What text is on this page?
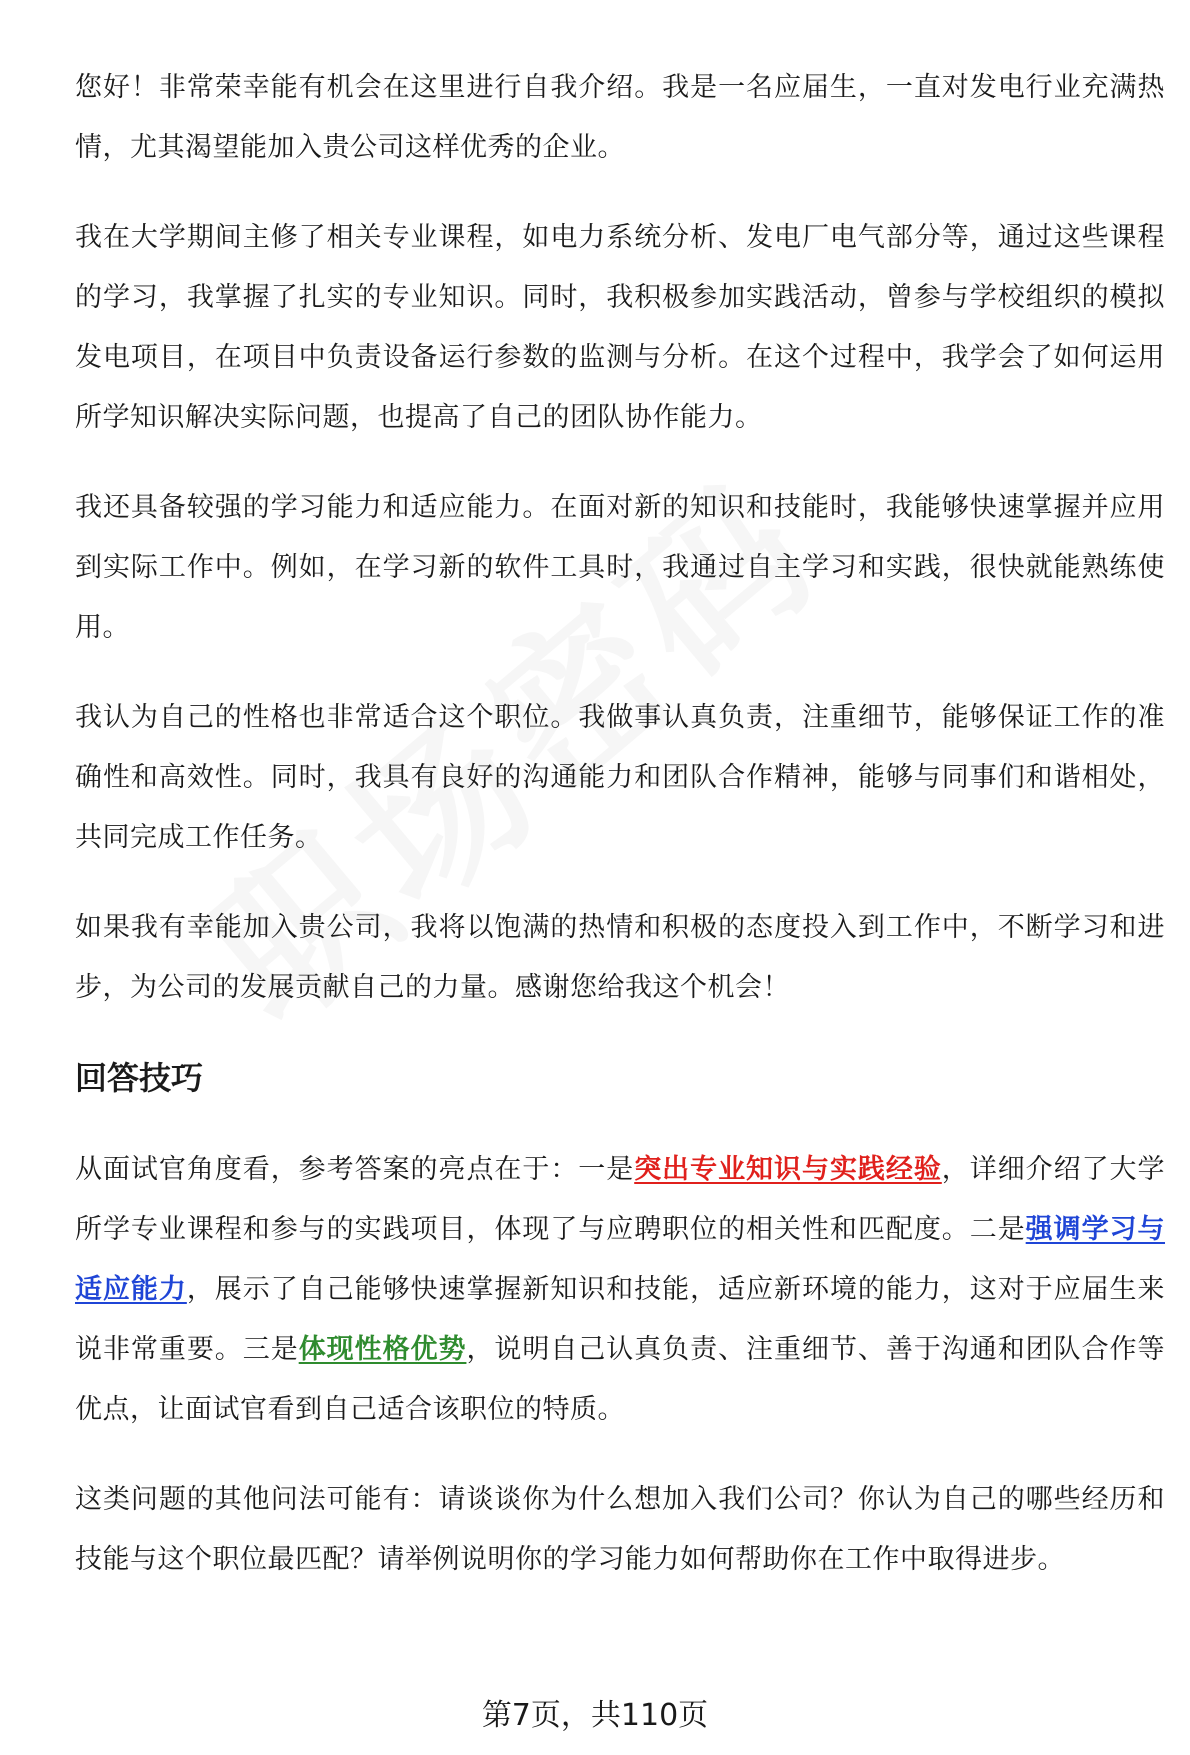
您好！非常荣幸能有机会在这里进行自我介绍。我是一名应届生，一直对发电行业充满热情，尤其渴望能加入贵公司这样优秀的企业。

我在大学期间主修了相关专业课程，如电力系统分析、发电厂电气部分等，通过这些课程的学习，我掌握了扎实的专业知识。同时，我积极参加实践活动，曾参与学校组织的模拟发电项目，在项目中负责设备运行参数的监测与分析。在这个过程中，我学会了如何运用所学知识解决实际问题，也提高了自己的团队协作能力。

我还具备较强的学习能力和适应能力。在面对新的知识和技能时，我能够快速掌握并应用到实际工作中。例如，在学习新的软件工具时，我通过自主学习和实践，很快就能熟练使用。

我认为自己的性格也非常适合这个职位。我做事认真负责，注重细节，能够保证工作的准确性和高效性。同时，我具有良好的沟通能力和团队合作精神，能够与同事们和谐相处，共同完成工作任务。

如果我有幸能加入贵公司，我将以饱满的热情和积极的态度投入到工作中，不断学习和进步，为公司的发展贡献自己的力量。感谢您给我这个机会！

回答技巧

从面试官角度看，参考答案的亮点在于：一是突出专业知识与实践经验，详细介绍了大学所学专业课程和参与的实践项目，体现了与应聘职位的相关性和匹配度。二是强调学习与适应能力，展示了自己能够快速掌握新知识和技能，适应新环境的能力，这对于应届生来说非常重要。三是体现性格优势，说明自己认真负责、注重细节、善于沟通和团队合作等优点，让面试官看到自己适合该职位的特质。

这类问题的其他问法可能有：请谈谈你为什么想加入我们公司？你认为自己的哪些经历和技能与这个职位最匹配？请举例说明你的学习能力如何帮助你在工作中取得进步。

第7页，共110页
